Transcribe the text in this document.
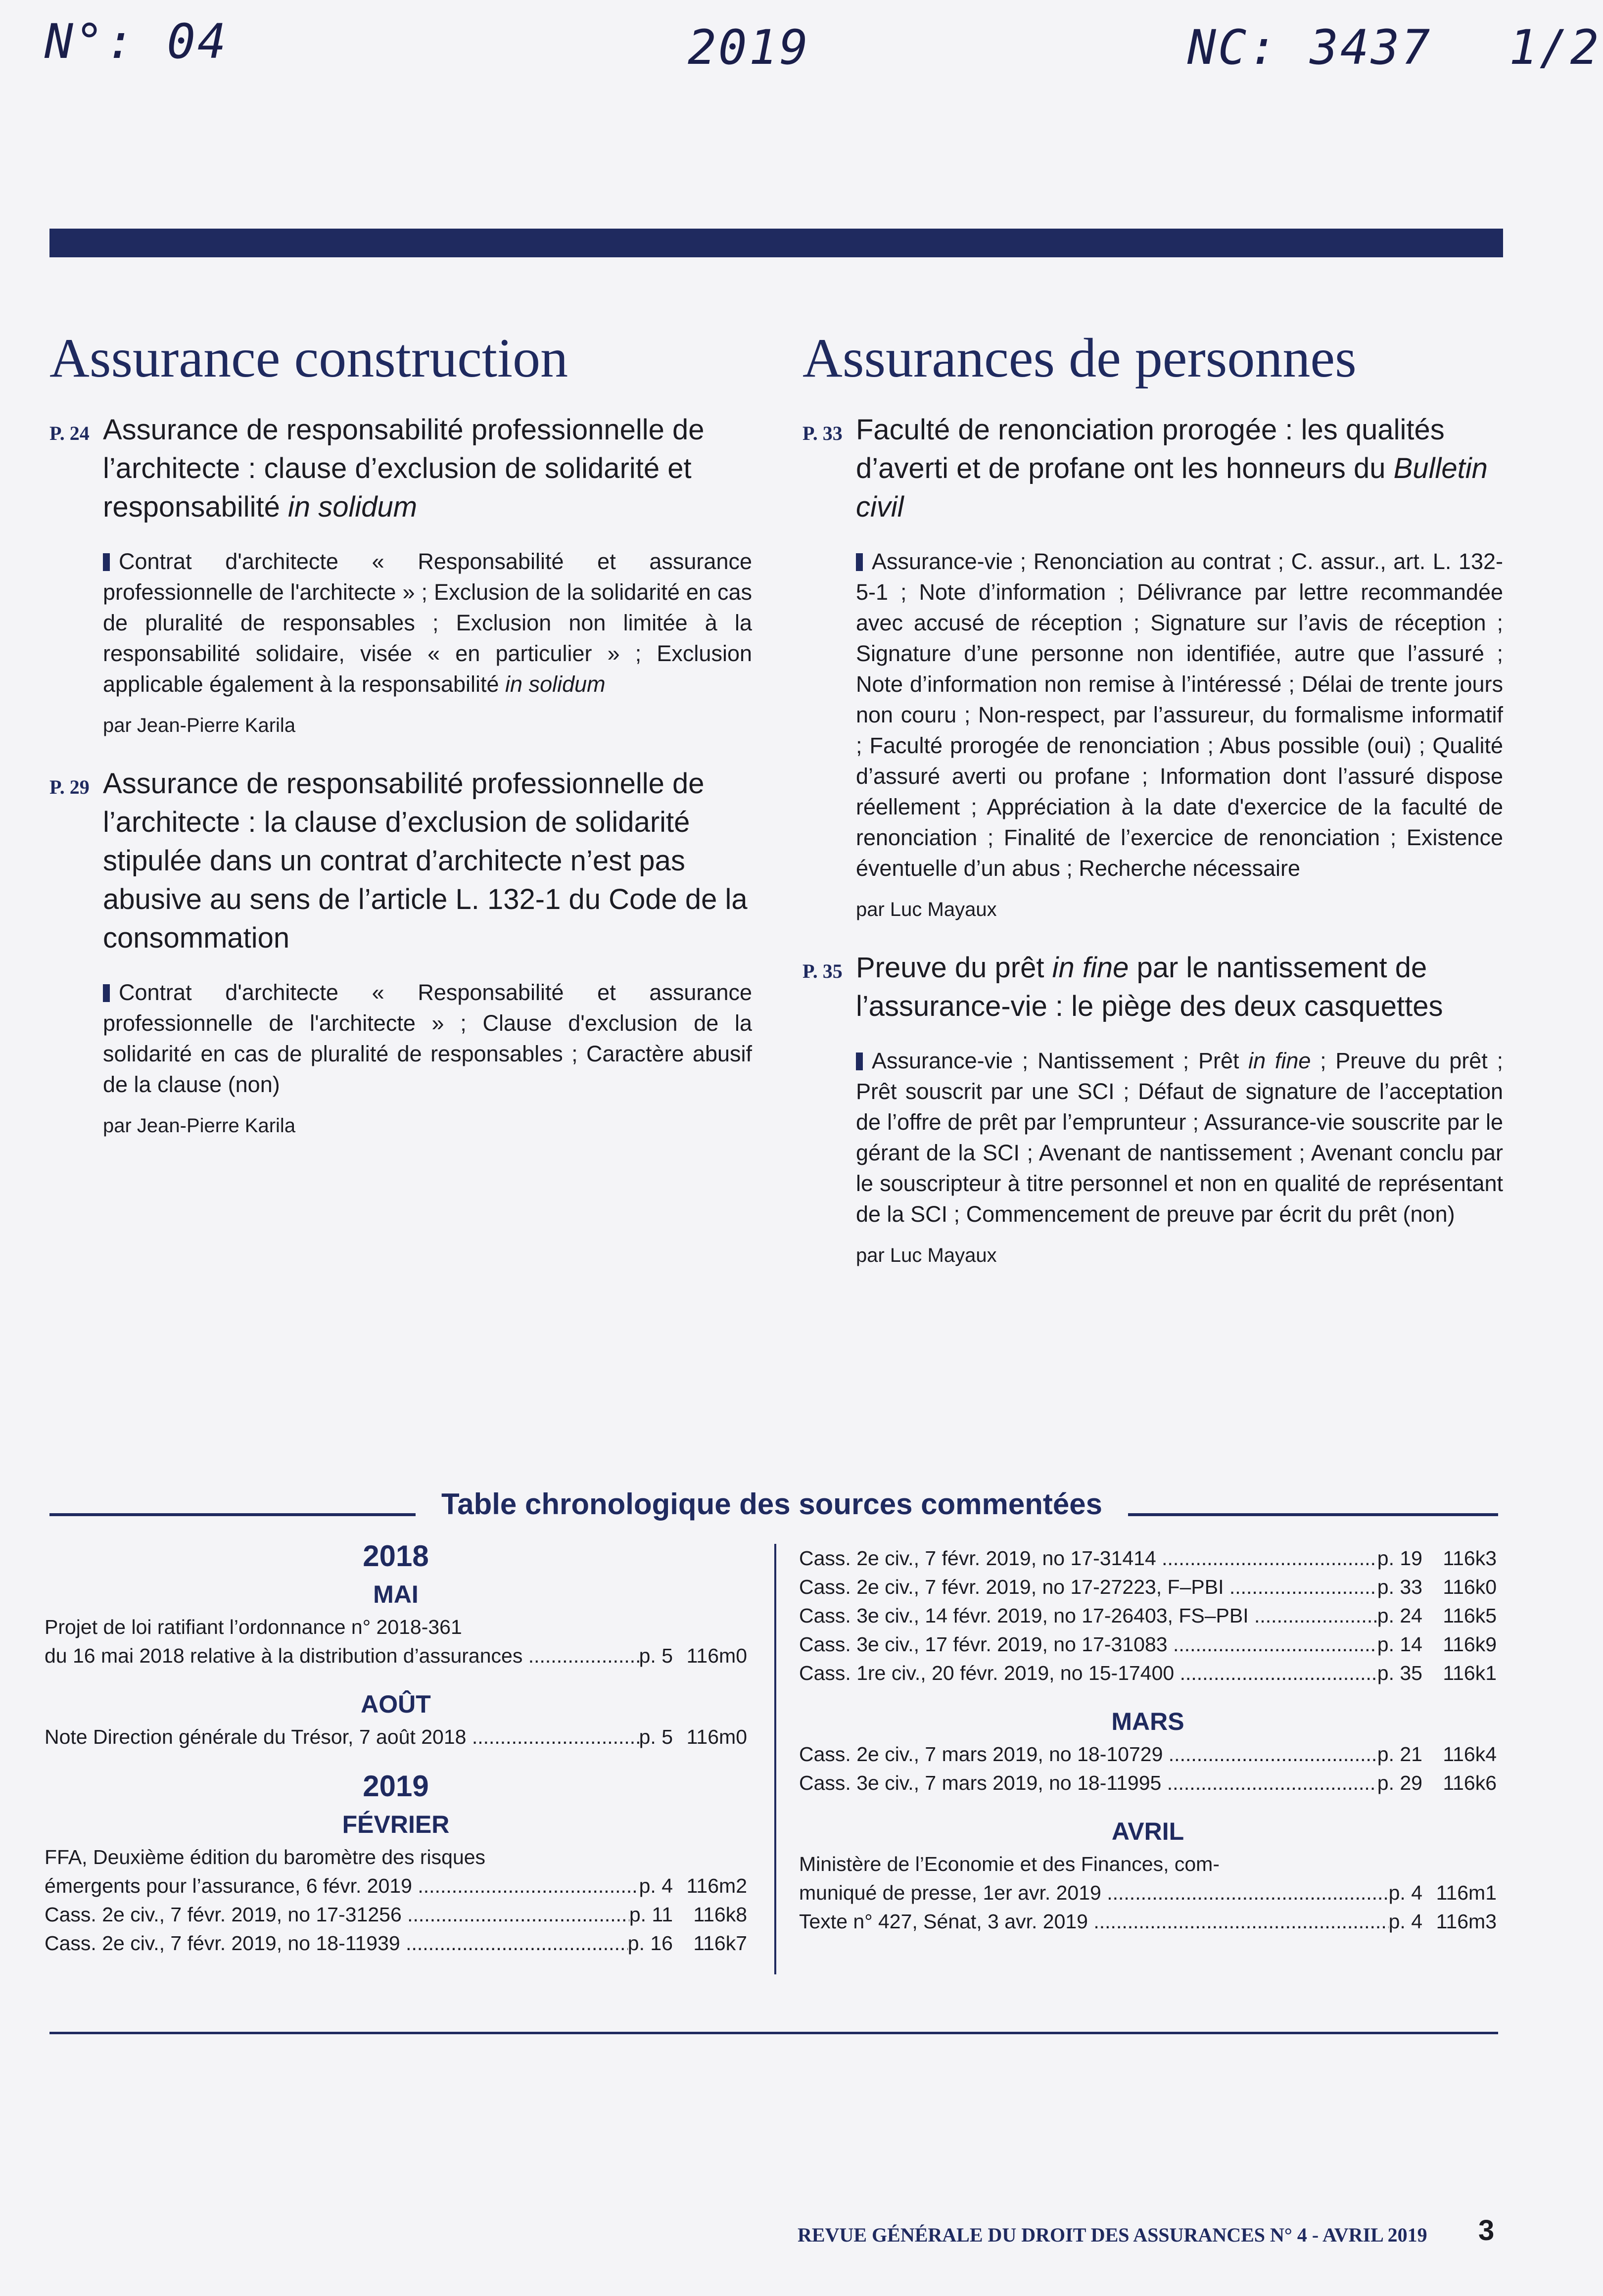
N°: 04	2019	NC: 3437 1/2
Assurance construction	Assurances de personnes
P. 24 Assurance de responsabilité professionnelle de l’architecte : clause d’exclusion de solidarité et responsabilité in solidum
Contrat d'architecte « Responsabilité et assurance professionnelle de l'architecte » ; Exclusion de la solidarité en cas de pluralité de responsables ; Exclusion non limitée à la responsabilité solidaire, visée « en particulier » ; Exclusion applicable également à la responsabilité in solidum
par Jean-Pierre Karila
P. 29 Assurance de responsabilité professionnelle de l’architecte : la clause d’exclusion de solidarité stipulée dans un contrat d’architecte n’est pas abusive au sens de l’article L. 132-1 du Code de la consommation
Contrat d'architecte « Responsabilité et assurance professionnelle de l'architecte » ; Clause d'exclusion de la solidarité en cas de pluralité de responsables ; Caractère abusif de la clause (non)
par Jean-Pierre Karila
P. 33 Faculté de renonciation prorogée : les qualités d’averti et de profane ont les honneurs du Bulletin civil
Assurance-vie ; Renonciation au contrat ; C. assur., art. L. 132-5-1 ; Note d’information ; Délivrance par lettre recommandée avec accusé de réception ; Signature sur l’avis de réception ; Signature d’une personne non identifiée, autre que l’assuré ; Note d’information non remise à l’intéressé ; Délai de trente jours non couru ; Non-respect, par l’assureur, du formalisme informatif ; Faculté prorogée de renonciation ; Abus possible (oui) ; Qualité d’assuré averti ou profane ; Information dont l’assuré dispose réellement ; Appréciation à la date d'exercice de la faculté de renonciation ; Finalité de l’exercice de renonciation ; Existence éventuelle d’un abus ; Recherche nécessaire
par Luc Mayaux
P. 35 Preuve du prêt in fine par le nantissement de l’assurance-vie : le piège des deux casquettes
Assurance-vie ; Nantissement ; Prêt in fine ; Preuve du prêt ; Prêt souscrit par une SCI ; Défaut de signature de l’acceptation de l’offre de prêt par l’emprunteur ; Assurance-vie souscrite par le gérant de la SCI ; Avenant de nantissement ; Avenant conclu par le souscripteur à titre personnel et non en qualité de représentant de la SCI ; Commencement de preuve par écrit du prêt (non)
par Luc Mayaux
Table chronologique des sources commentées
2018
MAI
Projet de loi ratifiant l’ordonnance n° 2018-361
du 16 mai 2018 relative à la distribution d’assurances .....	p. 5 116m0
AOÛT
Note Direction générale du Trésor, 7 août 2018 .....	p. 5 116m0
2019
FÉVRIER
FFA, Deuxième édition du baromètre des risques
émergents pour l’assurance, 6 févr. 2019 .....	p. 4 116m2
Cass. 2e civ., 7 févr. 2019, no 17-31256 .....	p. 11	116k8
Cass. 2e civ., 7 févr. 2019, no 18-11939 .....	p. 16	116k7
Cass. 2e civ., 7 févr. 2019, no 17-31414 .....	p. 19	116k3
Cass. 2e civ., 7 févr. 2019, no 17-27223, F–PBI .....	p. 33	116k0
Cass. 3e civ., 14 févr. 2019, no 17-26403, FS–PBI .....	p. 24	116k5
Cass. 3e civ., 17 févr. 2019, no 17-31083 .....	p. 14	116k9
Cass. 1re civ., 20 févr. 2019, no 15-17400 .....	p. 35	116k1
MARS
Cass. 2e civ., 7 mars 2019, no 18-10729 .....	p. 21	116k4
Cass. 3e civ., 7 mars 2019, no 18-11995 .....	p. 29	116k6
AVRIL
Ministère de l’Economie et des Finances, com-
muniqué de presse, 1er avr. 2019 .....	p. 4 116m1
Texte n° 427, Sénat, 3 avr. 2019 .....	p. 4 116m3
REVUE GÉNÉRALE DU DROIT DES ASSURANCES N° 4 - AVRIL 2019 3
